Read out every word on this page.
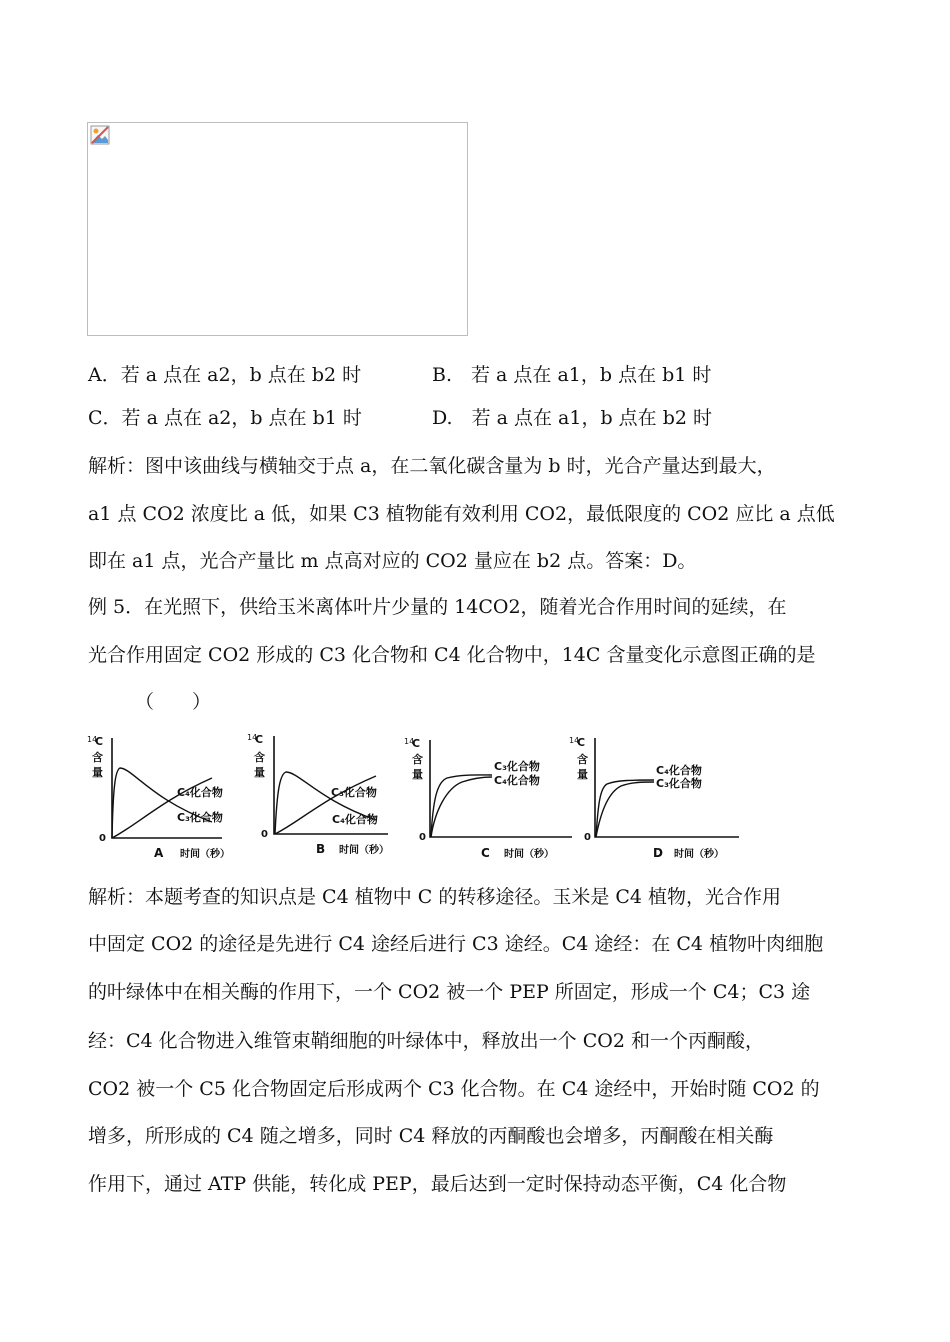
A．若 a 点在 a2，b 点在 b2 时	B.　若 a 点在 a1，b 点在 b1 时
C．若 a 点在 a2，b 点在 b1 时	D.　若 a 点在 a1，b 点在 b2 时
解析：图中该曲线与横轴交于点 a，在二氧化碳含量为 b 时，光合产量达到最大，
a1 点 CO2 浓度比 a 低，如果 C3 植物能有效利用 CO2，最低限度的 CO2 应比 a 点低
即在 a1 点，光合产量比 m 点高对应的 CO2 量应在 b2 点。答案：D。
例 5．在光照下，供给玉米离体叶片少量的 14CO2，随着光合作用时间的延续，在
光合作用固定 CO2 形成的 C3 化合物和 C4 化合物中，14C 含量变化示意图正确的是
（　　）
14
C
含
量
0
C₄化合物
C₃化合物
A 时间（秒）
14
C
含
量
0
C₃化合物
C₄化合物
B 时间（秒）
14
C
含
量
0
C₃化合物
C₄化合物
C 时间（秒）
14
C
含
量
0
C₄化合物
C₃化合物
D 时间（秒）
解析：本题考查的知识点是 C4 植物中 C 的转移途径。玉米是 C4 植物，光合作用
中固定 CO2 的途径是先进行 C4 途经后进行 C3 途经。C4 途经：在 C4 植物叶肉细胞
的叶绿体中在相关酶的作用下，一个 CO2 被一个 PEP 所固定，形成一个 C4；C3 途
经：C4 化合物进入维管束鞘细胞的叶绿体中，释放出一个 CO2 和一个丙酮酸，
CO2 被一个 C5 化合物固定后形成两个 C3 化合物。在 C4 途经中，开始时随 CO2 的
增多，所形成的 C4 随之增多，同时 C4 释放的丙酮酸也会增多，丙酮酸在相关酶
作用下，通过 ATP 供能，转化成 PEP，最后达到一定时保持动态平衡，C4 化合物
